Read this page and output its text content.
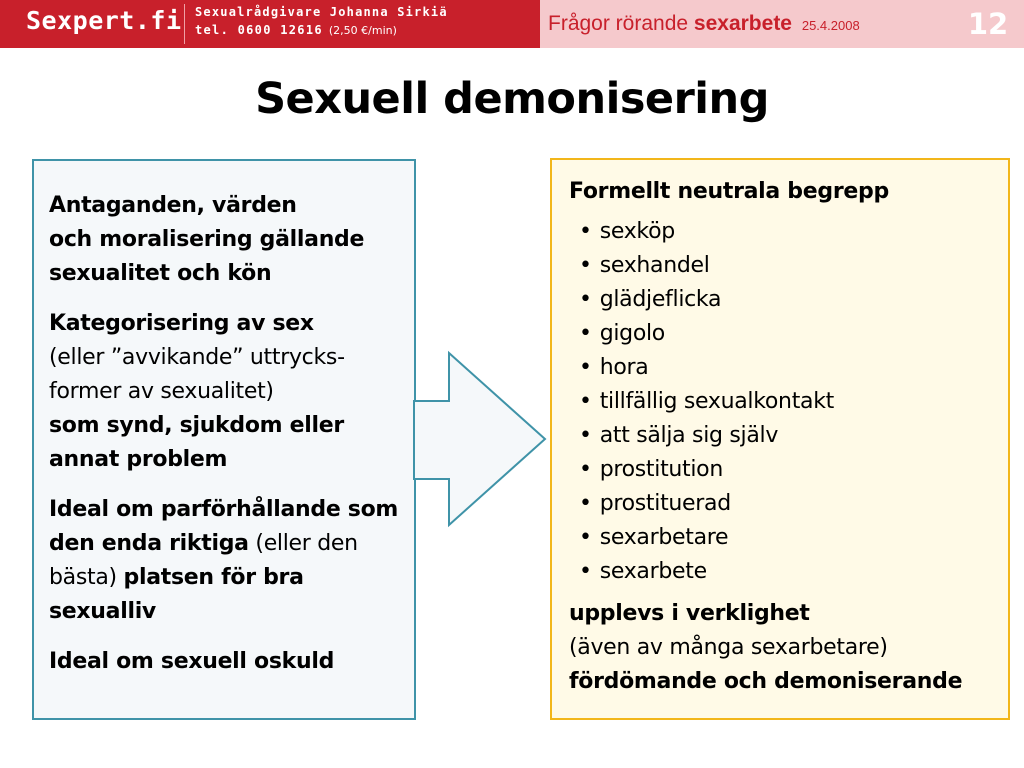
Sexpert.fi Sexualrådgivare Johanna Sirkiä
tel. 0600 12616 (2,50 €/min)	Frågor rörande sexarbete 25.4.2008	12
Sexuell demonisering
Antaganden, värden
och moralisering gällande
sexualitet och kön
Kategorisering av sex
(eller ”avvikande” uttrycks-former av sexualitet)
som synd, sjukdom eller annat problem
Ideal om parförhållande som den enda riktiga (eller den bästa) platsen för bra sexualliv
Ideal om sexuell oskuld
Formellt neutrala begrepp
• sexköp
• sexhandel
• glädjeflicka
• gigolo
• hora
• tillfällig sexualkontakt
• att sälja sig själv
• prostitution
• prostituerad
• sexarbetare
• sexarbete
upplevs i verklighet
(även av många sexarbetare)
fördömande och demoniserande
